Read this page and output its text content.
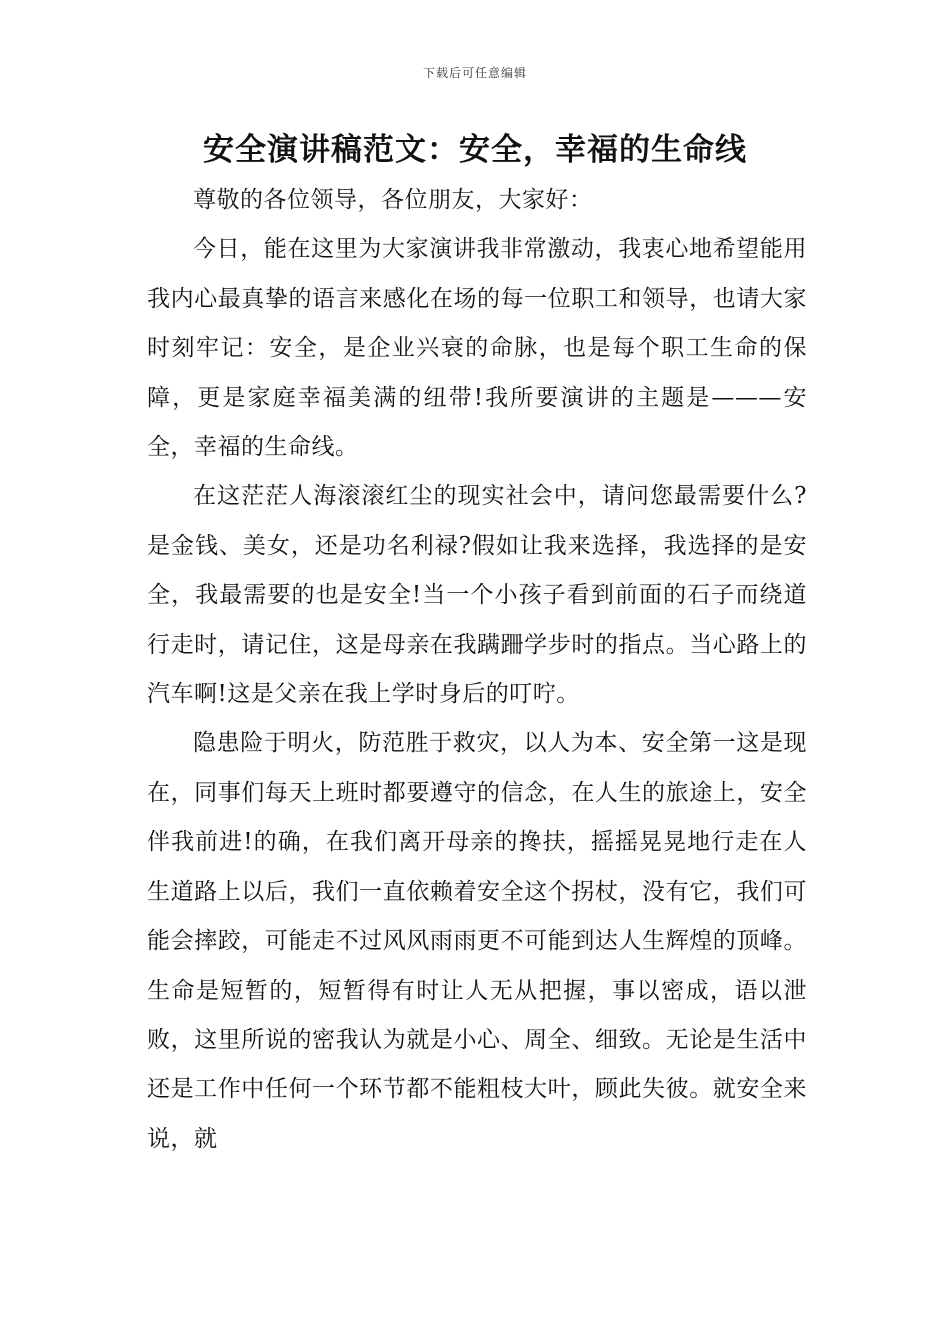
下载后可任意编辑
安全演讲稿范文：安全，幸福的生命线

尊敬的各位领导，各位朋友，大家好：

今日，能在这里为大家演讲我非常激动，我衷心地希望能用我内心最真挚的语言来感化在场的每一位职工和领导，也请大家时刻牢记：安全，是企业兴衰的命脉，也是每个职工生命的保障，更是家庭幸福美满的纽带!我所要演讲的主题是———安全，幸福的生命线。

在这茫茫人海滚滚红尘的现实社会中，请问您最需要什么?是金钱、美女，还是功名利禄?假如让我来选择，我选择的是安全，我最需要的也是安全!当一个小孩子看到前面的石子而绕道行走时，请记住，这是母亲在我蹒跚学步时的指点。当心路上的汽车啊!这是父亲在我上学时身后的叮咛。

隐患险于明火，防范胜于救灾，以人为本、安全第一这是现在，同事们每天上班时都要遵守的信念，在人生的旅途上，安全伴我前进!的确，在我们离开母亲的搀扶，摇摇晃晃地行走在人生道路上以后，我们一直依赖着安全这个拐杖，没有它，我们可能会摔跤，可能走不过风风雨雨更不可能到达人生辉煌的顶峰。生命是短暂的，短暂得有时让人无从把握，事以密成，语以泄败，这里所说的密我认为就是小心、周全、细致。无论是生活中还是工作中任何一个环节都不能粗枝大叶，顾此失彼。就安全来说，就
